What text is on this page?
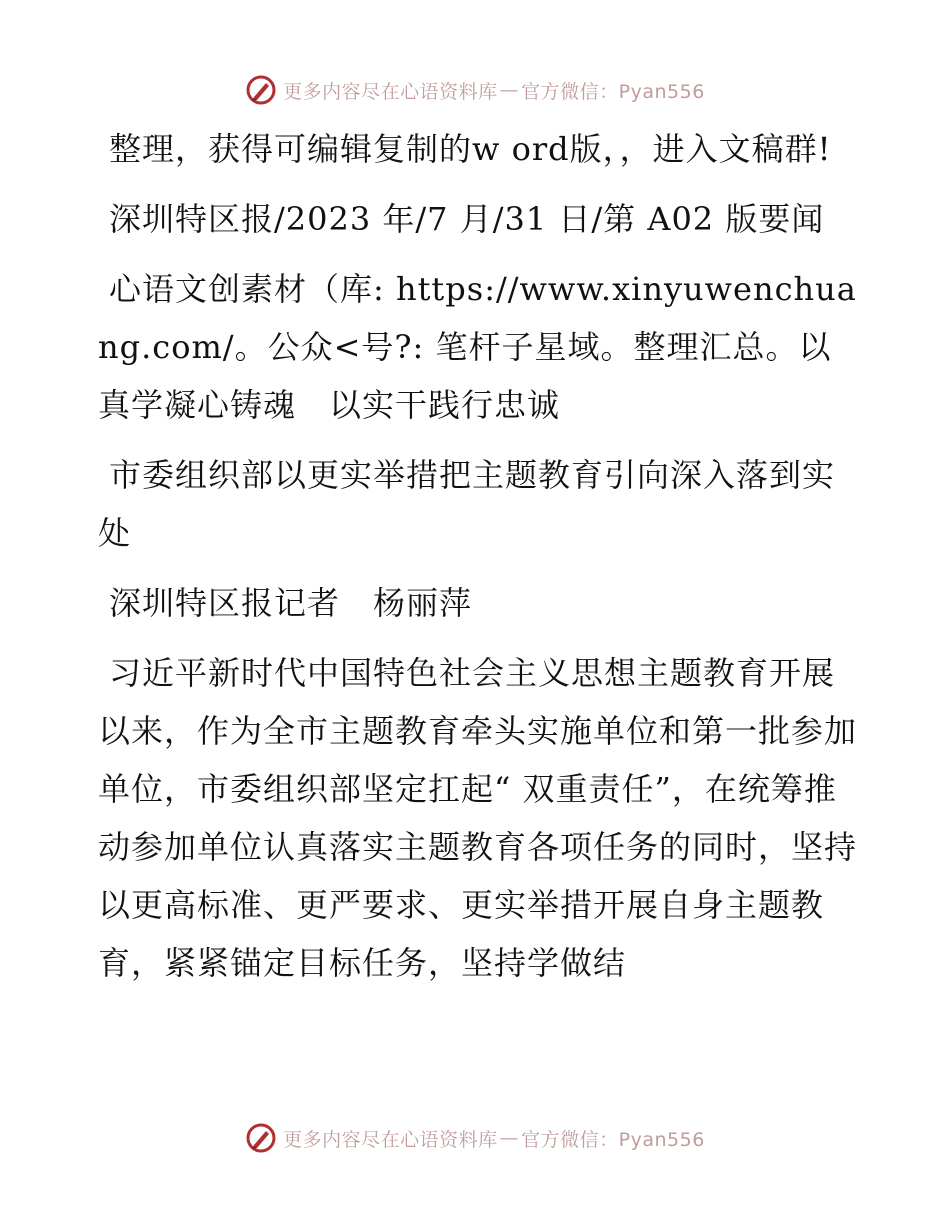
更多内容尽在心语资料库 — 官方微信：Pyan556

整理，获得可编辑复制的w ord版，，进入文稿群!

深圳特区报/2023 年/7 月/31 日/第 A02 版要闻

心语文创素材（库: https://www.xinyuwenchuang.com/。公众<号?: 笔杆子星域。整理汇总。以真学凝心铸魂　以实干践行忠诚

市委组织部以更实举措把主题教育引向深入落到实处

深圳特区报记者　杨丽萍

习近平新时代中国特色社会主义思想主题教育开展以来，作为全市主题教育牵头实施单位和第一批参加单位，市委组织部坚定扛起“ 双重责任”，在统筹推动参加单位认真落实主题教育各项任务的同时，坚持以更高标准、更严要求、更实举措开展自身主题教育，紧紧锚定目标任务，坚持学做结

更多内容尽在心语资料库 — 官方微信：Pyan556
